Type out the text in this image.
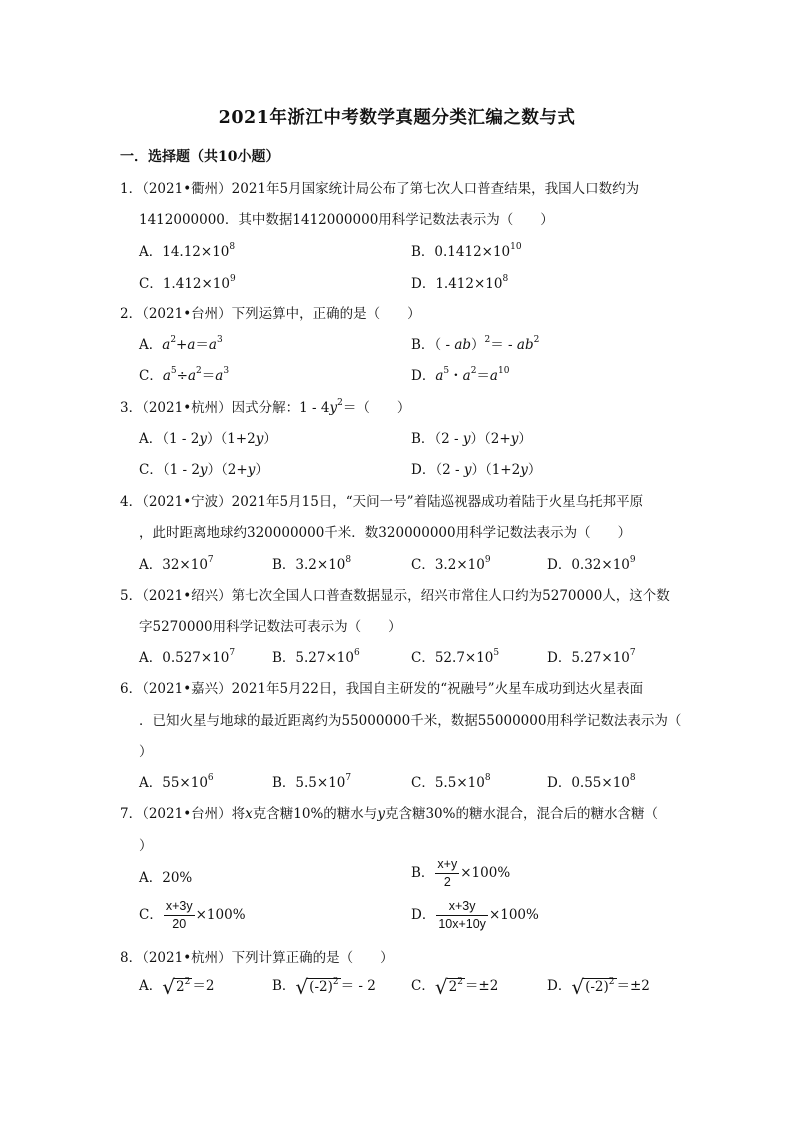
2021年浙江中考数学真题分类汇编之数与式
一．选择题（共10小题）
1．（2021•衢州）2021年5月国家统计局公布了第七次人口普查结果，我国人口数约为
1412000000．其中数据1412000000用科学记数法表示为（　　）
A．$14.12\times 10^8$	B．$0.1412\times 10^{10}$
C．$1.412\times 10^9$	D．$1.412\times 10^8$
2．（2021•台州）下列运算中，正确的是（　　）
A．$a^2+a=a^3$	B．（ - $ab)^2= - ab^2$
C．$a^5\div a^2=a^3$	D．$a^5$・$a^2=a^{10}$
3．（2021•杭州）因式分解：$1 - 4y^2=$（　　）
A．（1 - 2y）（1+2y）	B．（2 - y）（2+y）
C．（1 - 2y）（2+y）	D．（2 - y）（1+2y）
4．（2021•宁波）2021年5月15日，“天问一号”着陆巡视器成功着陆于火星乌托邦平原
，此时距离地球约320000000千米．数320000000用科学记数法表示为（　　）
A．$32\times 10^7$	B．$3.2\times 10^8$	C．$3.2\times 10^9$	D．$0.32\times 10^9$
5．（2021•绍兴）第七次全国人口普查数据显示，绍兴市常住人口约为5270000人，这个数
字5270000用科学记数法可表示为（　　）
A．$0.527\times 10^7$	B．$5.27\times 10^6$	C．$52.7\times 10^5$	D．$5.27\times 10^7$
6．（2021•嘉兴）2021年5月22日，我国自主研发的“祝融号”火星车成功到达火星表面
．已知火星与地球的最近距离约为55000000千米，数据55000000用科学记数法表示为（
）
A．$55\times 10^6$	B．$5.5\times 10^7$	C．$5.5\times 10^8$	D．$0.55\times 10^8$
7．（2021•台州）将x克含糖10%的糖水与y克含糖30%的糖水混合，混合后的糖水含糖（
）
A．20%	B． $\frac{x+y}{2} \times 100\%$
C． $\frac{x+3y}{20} \times 100\%$	D． $\frac{x+3y}{10x+10y} \times 100\%$
8．（2021•杭州）下列计算正确的是（　　）
A．$√2^2 =2$	B．$√(-2)^2$ ＝ - 2	C．$√2^2 =\pm 2$	D．$√(-2)^2 =\pm 2$
